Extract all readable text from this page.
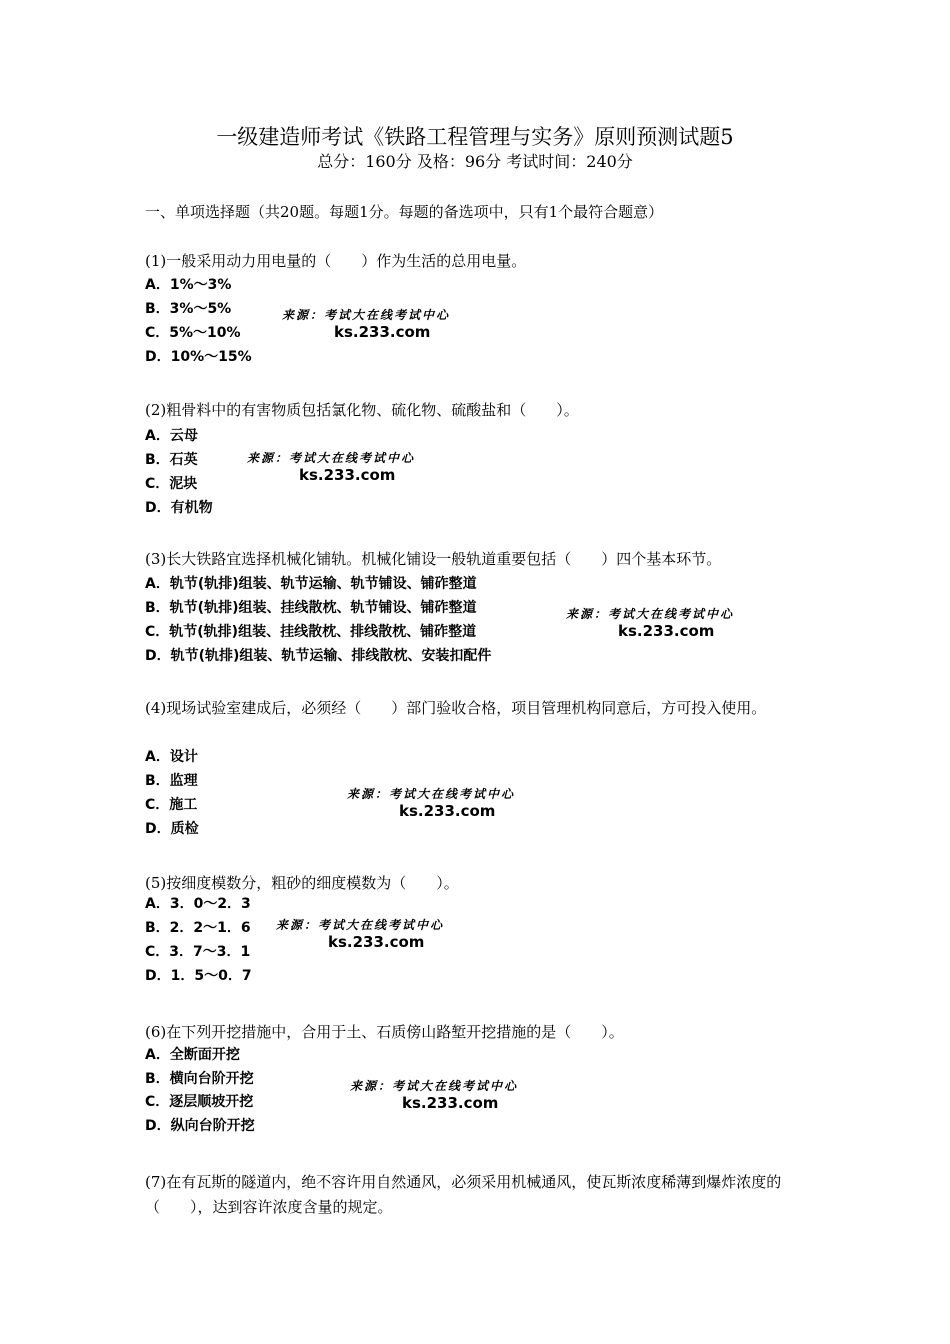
一级建造师考试《铁路工程管理与实务》原则预测试题5
总分：160分 及格：96分 考试时间：240分
一、单项选择题（共20题。每题1分。每题的备选项中，只有1个最符合题意）
(1)一般采用动力用电量的（　　）作为生活的总用电量。
A．1%～3%
B．3%～5%
C．5%～10%
D．10%～15%
来源：考试大在线考试中心
ks.233.com
(2)粗骨料中的有害物质包括氯化物、硫化物、硫酸盐和（　　）。
A．云母
B．石英
C．泥块
D．有机物
来源：考试大在线考试中心
ks.233.com
(3)长大铁路宜选择机械化铺轨。机械化铺设一般轨道重要包括（　　）四个基本环节。
A．轨节(轨排)组装、轨节运输、轨节铺设、铺砟整道
B．轨节(轨排)组装、挂线散枕、轨节铺设、铺砟整道
C．轨节(轨排)组装、挂线散枕、排线散枕、铺砟整道
D．轨节(轨排)组装、轨节运输、排线散枕、安装扣配件
来源：考试大在线考试中心
ks.233.com
(4)现场试验室建成后，必须经（　　）部门验收合格，项目管理机构同意后，方可投入使用。
A．设计
B．监理
C．施工
D．质检
来源：考试大在线考试中心
ks.233.com
(5)按细度模数分，粗砂的细度模数为（　　）。
A．3．0～2．3
B．2．2～1．6
C．3．7～3．1
D．1．5～0．7
来源：考试大在线考试中心
ks.233.com
(6)在下列开挖措施中，合用于土、石质傍山路堑开挖措施的是（　　）。
A．全断面开挖
B．横向台阶开挖
C．逐层顺坡开挖
D．纵向台阶开挖
来源：考试大在线考试中心
ks.233.com
(7)在有瓦斯的隧道内，绝不容许用自然通风，必须采用机械通风，使瓦斯浓度稀薄到爆炸浓度的（　　），达到容许浓度含量的规定。
